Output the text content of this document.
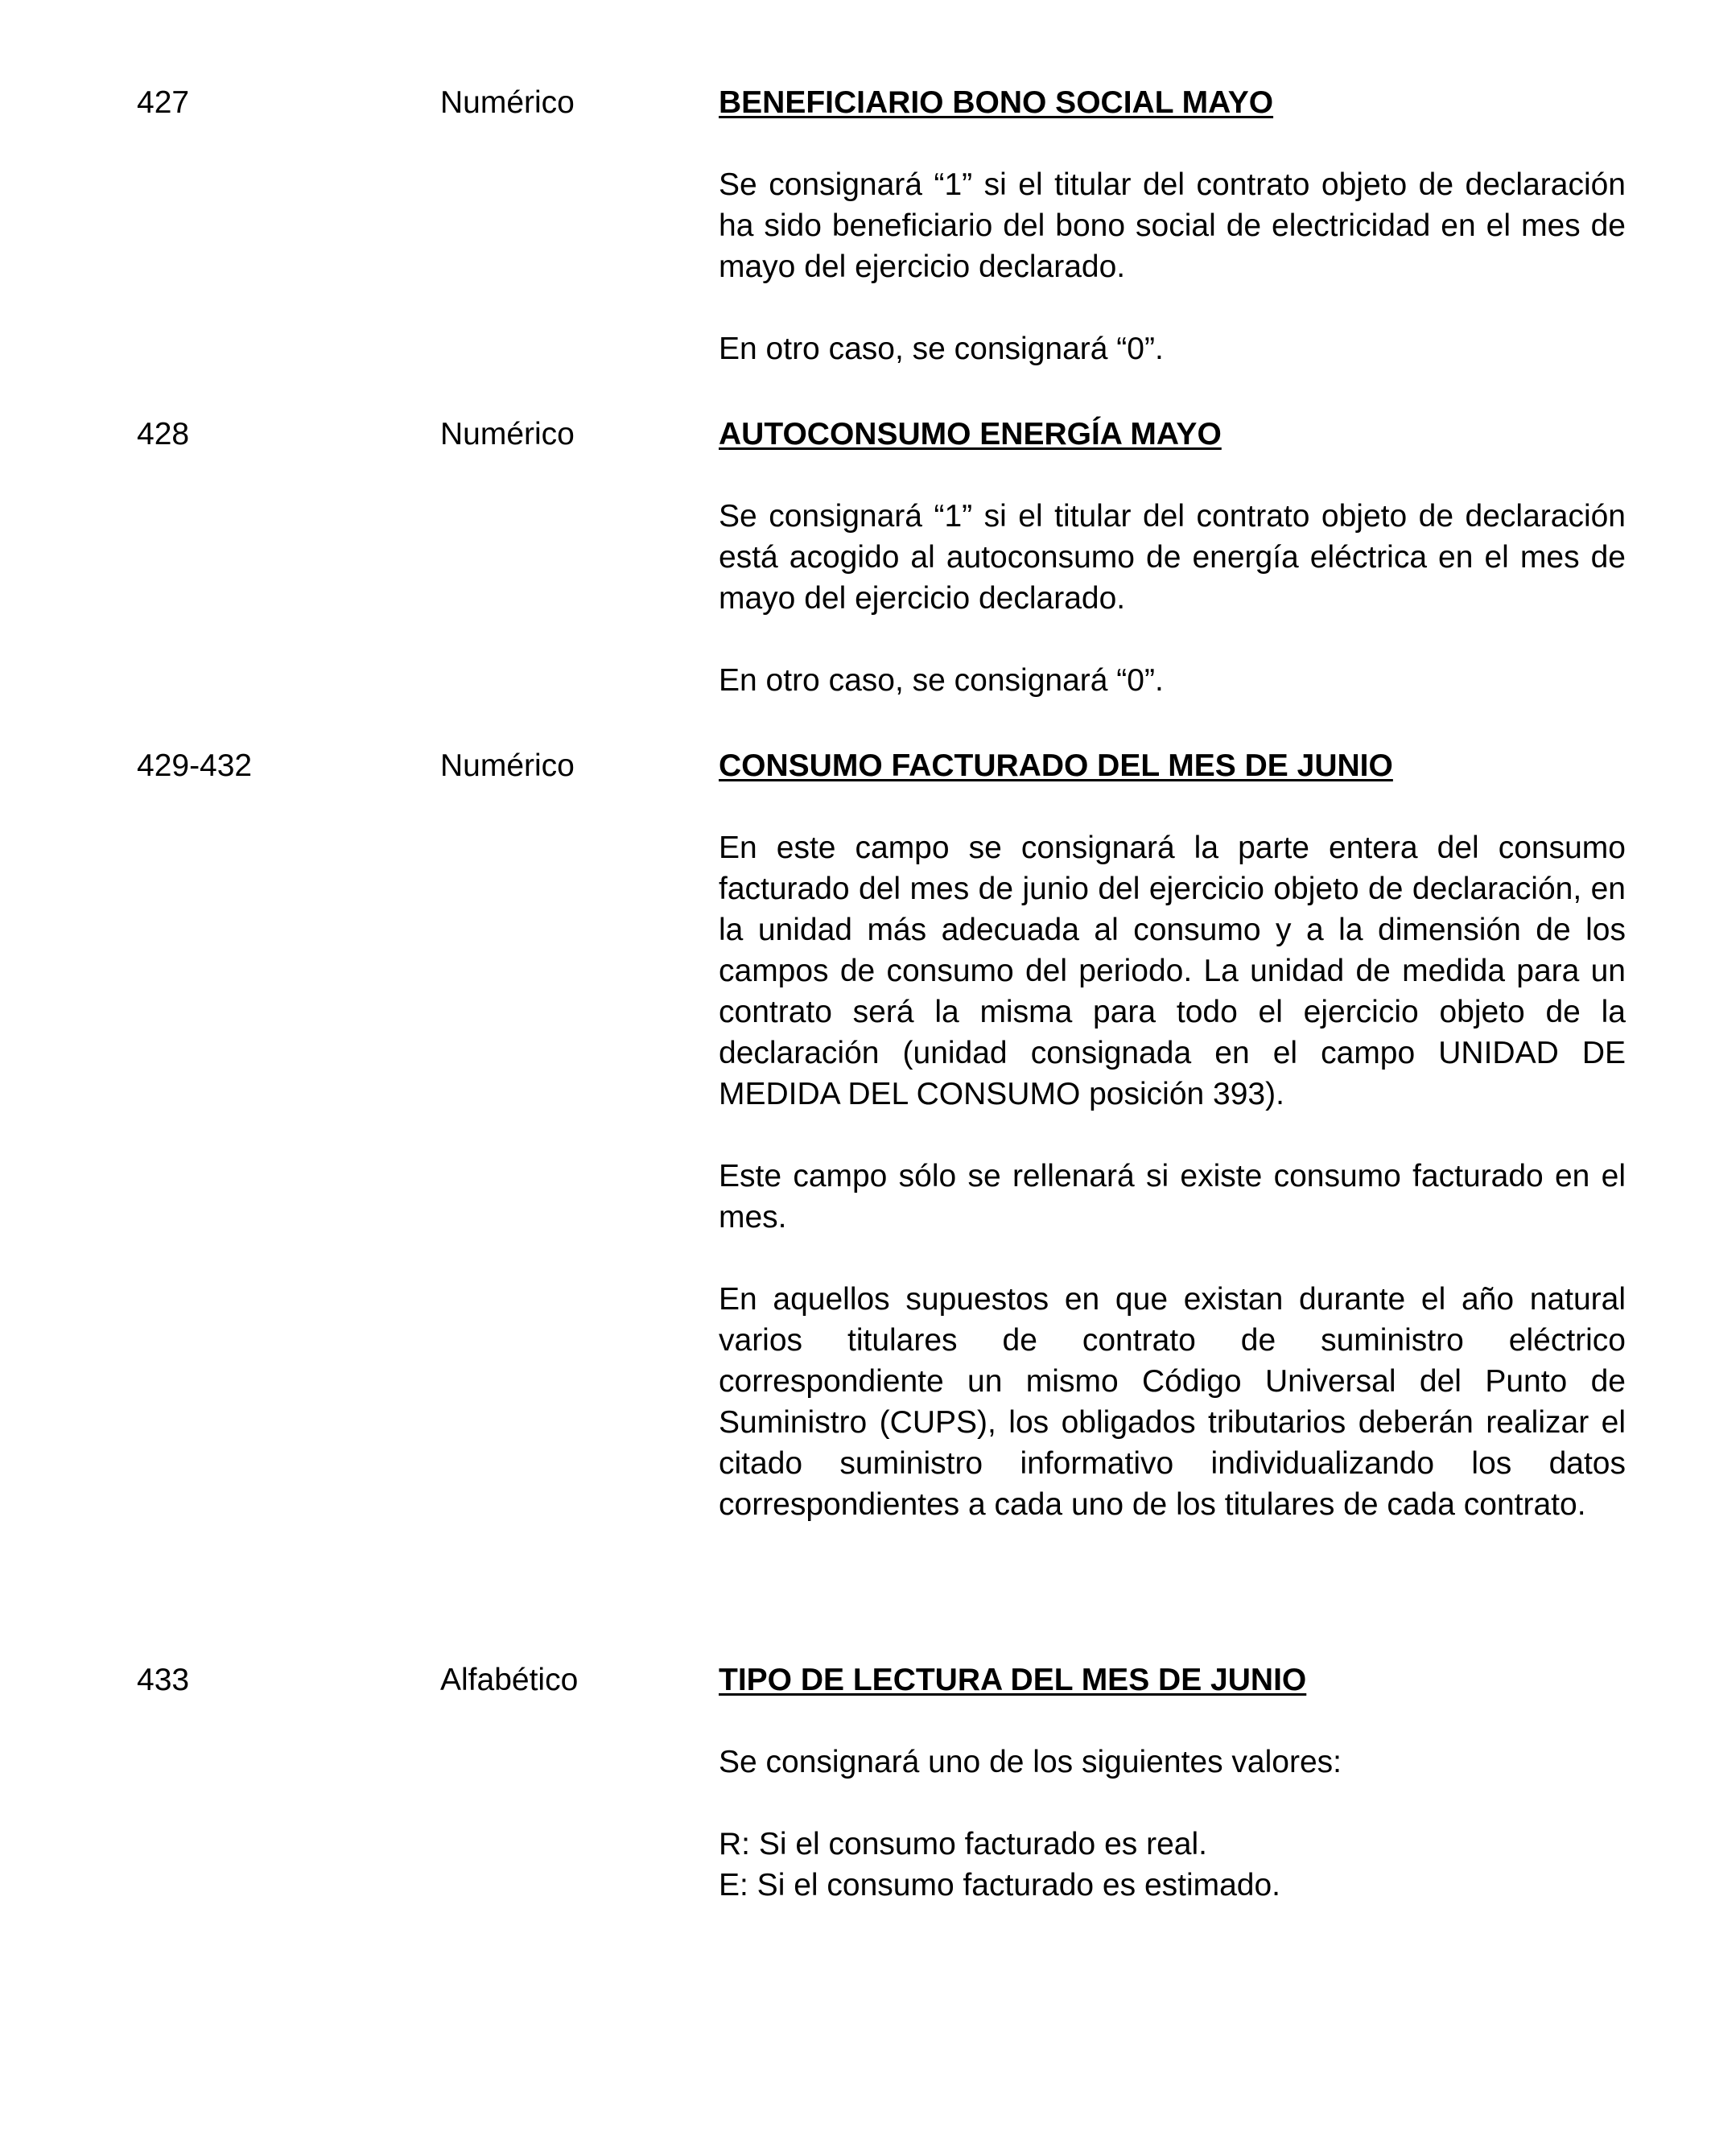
427	Numérico	BENEFICIARIO BONO SOCIAL MAYO

Se consignará “1” si el titular del contrato objeto de declaración ha sido beneficiario del bono social de electricidad en el mes de mayo del ejercicio declarado.

En otro caso, se consignará “0”.

428	Numérico	AUTOCONSUMO ENERGÍA MAYO

Se consignará “1” si el titular del contrato objeto de declaración está acogido al autoconsumo de energía eléctrica en el mes de mayo del ejercicio declarado.

En otro caso, se consignará “0”.

429-432	Numérico	CONSUMO FACTURADO DEL MES DE JUNIO

En este campo se consignará la parte entera del consumo facturado del mes de junio del ejercicio objeto de declaración, en la unidad más adecuada al consumo y a la dimensión de los campos de consumo del periodo. La unidad de medida para un contrato será la misma para todo el ejercicio objeto de la declaración (unidad consignada en el campo UNIDAD DE MEDIDA DEL CONSUMO posición 393).

Este campo sólo se rellenará si existe consumo facturado en el mes.

En aquellos supuestos en que existan durante el año natural varios titulares de contrato de suministro eléctrico correspondiente un mismo Código Universal del Punto de Suministro (CUPS), los obligados tributarios deberán realizar el citado suministro informativo individualizando los datos correspondientes a cada uno de los titulares de cada contrato.

433	Alfabético	TIPO DE LECTURA DEL MES DE JUNIO

Se consignará uno de los siguientes valores:

R: Si el consumo facturado es real.

E: Si el consumo facturado es estimado.
